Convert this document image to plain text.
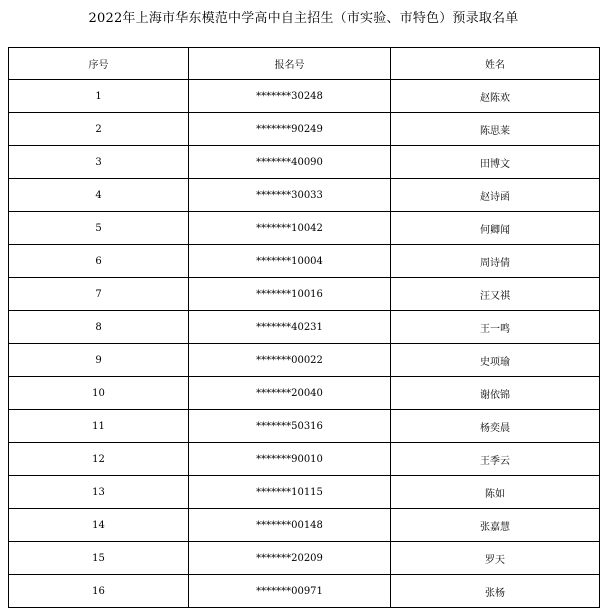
2022年上海市华东模范中学高中自主招生（市实验、市特色）预录取名单
序号	报名号	姓名
1	*******30248	赵陈欢
2	*******90249	陈思莱
3	*******40090	田博文
4	*******30033	赵诗函
5	*******10042	何卿闻
6	*******10004	周诗倩
7	*******10016	汪又祺
8	*******40231	王一鸣
9	*******00022	史项瑜
10	*******20040	谢依锦
11	*******50316	杨奕晨
12	*******90010	王季云
13	*******10115	陈如
14	*******00148	张嘉慧
15	*******20209	罗天
16	*******00971	张杨
